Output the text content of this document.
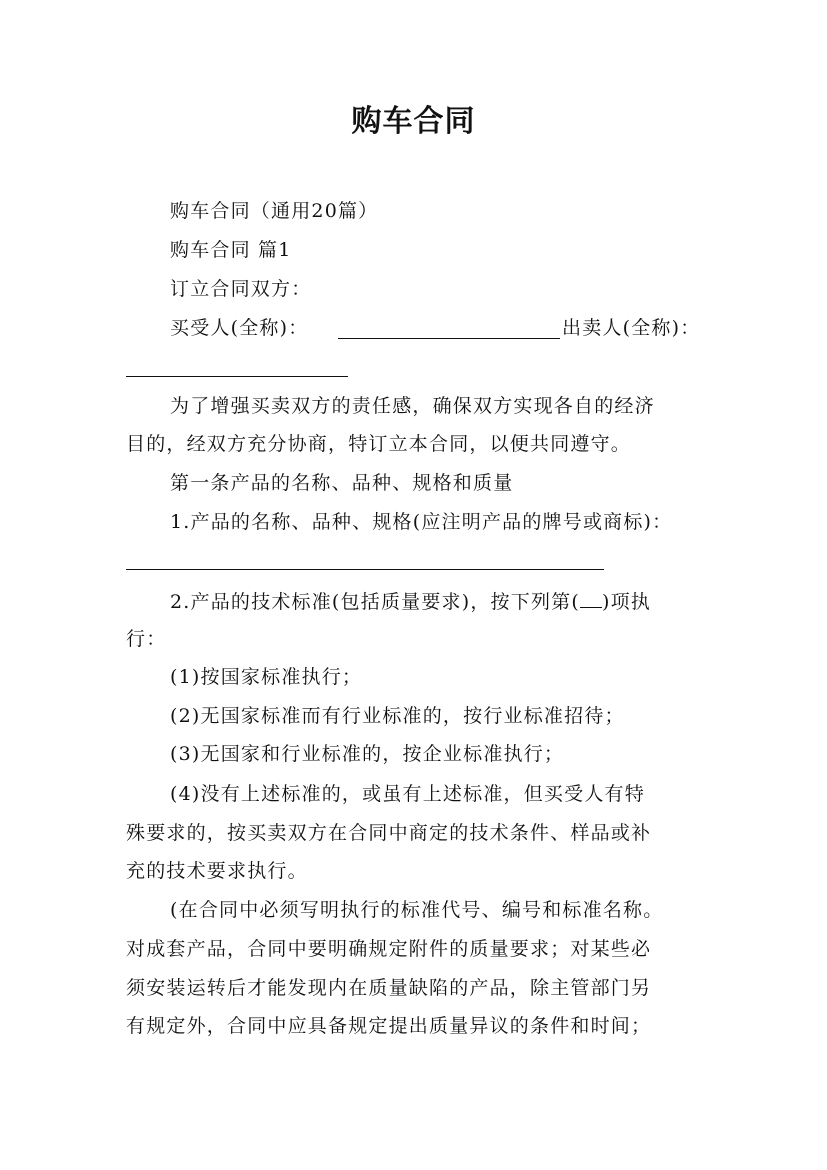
购车合同
购车合同（通用20篇）
购车合同 篇1
订立合同双方：
买受人(全称)：	出卖人(全称)：
为了增强买卖双方的责任感，确保双方实现各自的经济
目的，经双方充分协商，特订立本合同，以便共同遵守。
第一条产品的名称、品种、规格和质量
1.产品的名称、品种、规格(应注明产品的牌号或商标)：
2.产品的技术标准(包括质量要求)，按下列第( )项执
行：
(1)按国家标准执行；
(2)无国家标准而有行业标准的，按行业标准招待；
(3)无国家和行业标准的，按企业标准执行；
(4)没有上述标准的，或虽有上述标准，但买受人有特
殊要求的，按买卖双方在合同中商定的技术条件、样品或补
充的技术要求执行。
(在合同中必须写明执行的标准代号、编号和标准名称。
对成套产品，合同中要明确规定附件的质量要求；对某些必
须安装运转后才能发现内在质量缺陷的产品，除主管部门另
有规定外，合同中应具备规定提出质量异议的条件和时间；
